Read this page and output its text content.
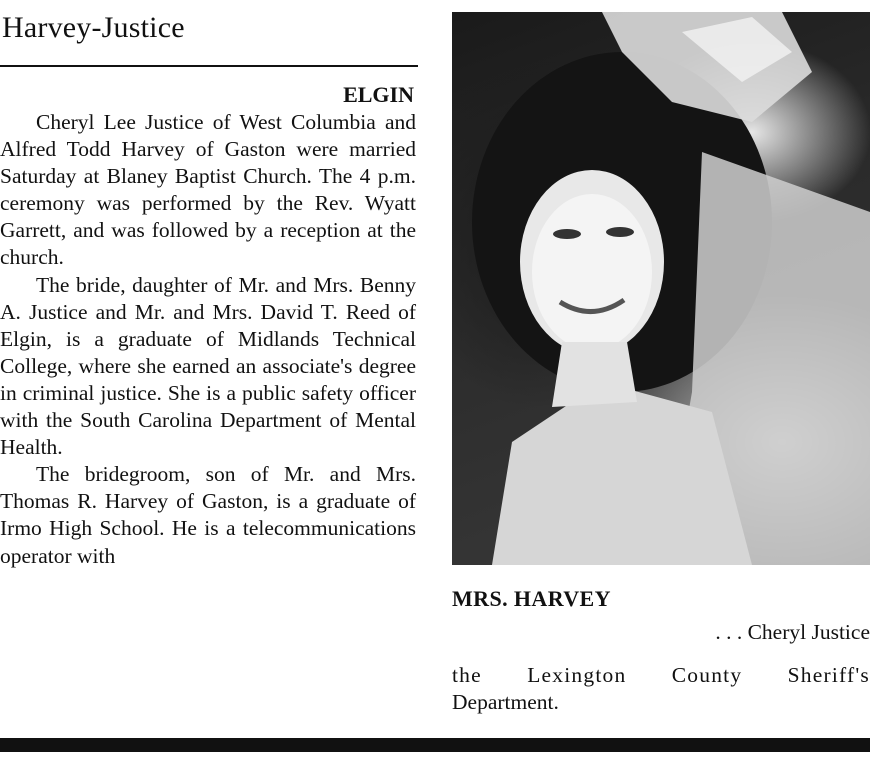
Harvey-Justice
ELGIN

Cheryl Lee Justice of West Columbia and Alfred Todd Harvey of Gaston were married Saturday at Blaney Baptist Church. The 4 p.m. ceremony was performed by the Rev. Wyatt Garrett, and was followed by a reception at the church.

The bride, daughter of Mr. and Mrs. Benny A. Justice and Mr. and Mrs. David T. Reed of Elgin, is a graduate of Midlands Technical College, where she earned an associate's degree in criminal justice. She is a public safety officer with the South Carolina Department of Mental Health.

The bridegroom, son of Mr. and Mrs. Thomas R. Harvey of Gaston, is a graduate of Irmo High School. He is a telecommunications operator with

MRS. HARVEY
. . . Cheryl Justice
the Lexington County Sheriff's
Department.
